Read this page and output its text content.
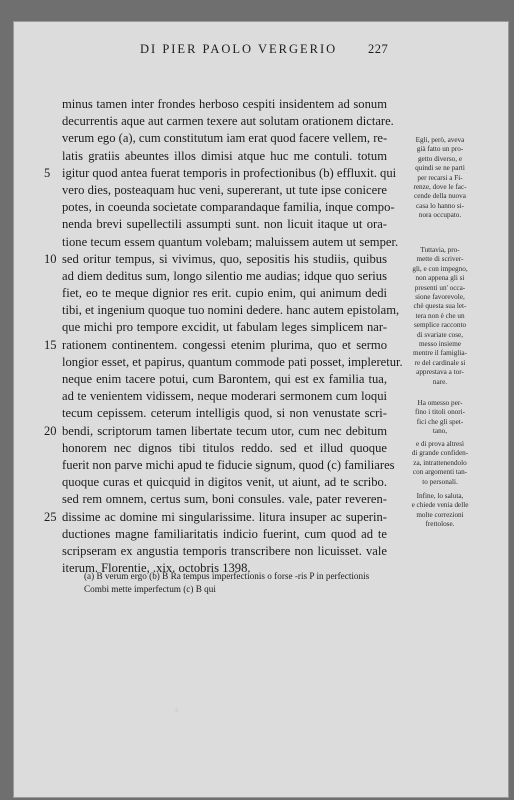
DI PIER PAOLO VERGERIO 227
minus tamen inter frondes herboso cespiti insidentem ad sonum
decurrentis aque aut carmen texere aut solutam orationem dictare.
verum ego (a), cum constitutum iam erat quod facere vellem, re-
latis gratiis abeuntes illos dimisi atque huc me contuli. totum
igitur quod antea fuerat temporis in profectionibus (b) effluxit. qui
5
vero dies, posteaquam huc veni, supererant, ut tute ipse conicere
potes, in coeunda societate comparandaque familia, inque compo-
nenda brevi supellectili assumpti sunt. non licuit itaque ut ora-
tione tecum essem quantum volebam; maluissem autem ut semper.
sed oritur tempus, si vivimus, quo, sepositis his studiis, quibus
10
ad diem deditus sum, longo silentio me audias; idque quo serius
fiet, eo te meque dignior res erit. cupio enim, qui animum dedi
tibi, et ingenium quoque tuo nomini dedere. hanc autem epistolam,
que michi pro tempore excidit, ut fabulam leges simplicem nar-
rationem continentem. congessi etenim plurima, quo et sermo
15
longior esset, et papirus, quantum commode pati posset, impleretur.
neque enim tacere potui, cum Barontem, qui est ex familia tua,
ad te venientem vidissem, neque moderari sermonem cum loqui
tecum cepissem. ceterum intelligis quod, si non venustate scri-
bendi, scriptorum tamen libertate tecum utor, cum nec debitum
20
honorem nec dignos tibi titulos reddo. sed et illud quoque
fuerit non parve michi apud te fiducie signum, quod (c) familiares
quoque curas et quicquid in digitos venit, ut aiunt, ad te scribo.
sed rem omnem, certus sum, boni consules. vale, pater reveren-
dissime ac domine mi singularissime. litura insuper ac superin-
25
ductiones magne familiaritatis indicio fuerint, cum quod ad te
scripseram ex angustia temporis transcribere non licuisset. vale
iterum. Florentie, .xix. octobris 1398.
Egli, però, aveva
già fatto un pro-
getto diverso, e
quindi se ne partì
per recarsi a Fi-
renze, dove le fac-
cende della nuova
casa lo hanno si-
nora occupato.
Tuttavia, pro-
mette di scriver-
gli, e con impegno,
non appena gli si
presenti un' occa-
sione favorevole,
chè questa sua let-
tera non è che un
semplice racconto
di svariate cose,
messo insieme
mentre il famiglia-
re del cardinale si
apprestava a tor-
nare.
Ha omesso per-
fino i titoli onori-
fici che gli spet-
tano,
e di prova altresì
di grande confiden-
za, intrattenendolo
con argomenti tan-
to personali.
Infine, lo saluta,
e chiede venia delle
molte correzioni
frettolose.
(a) B verum ergo (b) B Ra tempus imperfectionis o forse -ris P in perfectionis
Combi mette imperfectum (c) B qui
⁘
